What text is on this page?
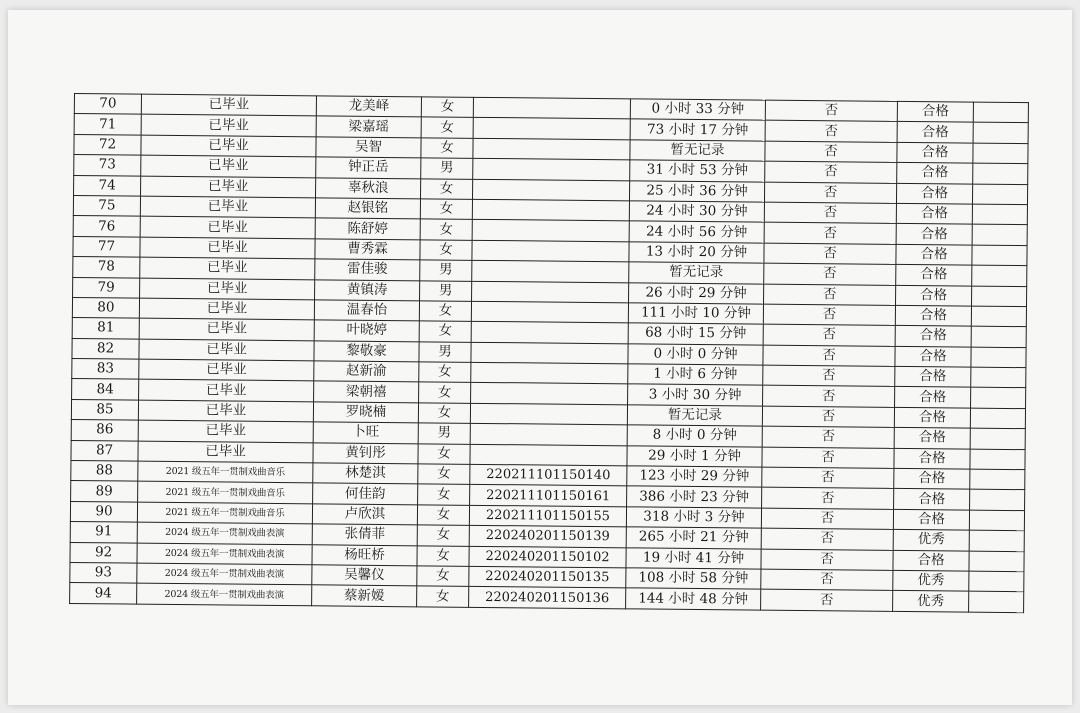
70	已毕业	龙美峄	女		0 小时 33 分钟	否	合格	
71	已毕业	梁嘉瑶	女		73 小时 17 分钟	否	合格	
72	已毕业	吴智	女		暂无记录	否	合格	
73	已毕业	钟正岳	男		31 小时 53 分钟	否	合格	
74	已毕业	辜秋浪	女		25 小时 36 分钟	否	合格	
75	已毕业	赵银铭	女		24 小时 30 分钟	否	合格	
76	已毕业	陈舒婷	女		24 小时 56 分钟	否	合格	
77	已毕业	曹秀霖	女		13 小时 20 分钟	否	合格	
78	已毕业	雷佳骏	男		暂无记录	否	合格	
79	已毕业	黄镇涛	男		26 小时 29 分钟	否	合格	
80	已毕业	温春怡	女		111 小时 10 分钟	否	合格	
81	已毕业	叶晓婷	女		68 小时 15 分钟	否	合格	
82	已毕业	黎敬豪	男		0 小时 0 分钟	否	合格	
83	已毕业	赵新渝	女		1 小时 6 分钟	否	合格	
84	已毕业	梁朝禧	女		3 小时 30 分钟	否	合格	
85	已毕业	罗晓楠	女		暂无记录	否	合格	
86	已毕业	卜旺	男		8 小时 0 分钟	否	合格	
87	已毕业	黄钊彤	女		29 小时 1 分钟	否	合格	
88	2021 级五年一贯制戏曲音乐	林楚淇	女	220211101150140	123 小时 29 分钟	否	合格	
89	2021 级五年一贯制戏曲音乐	何佳韵	女	220211101150161	386 小时 23 分钟	否	合格	
90	2021 级五年一贯制戏曲音乐	卢欣淇	女	220211101150155	318 小时 3 分钟	否	合格	
91	2024 级五年一贯制戏曲表演	张倩菲	女	220240201150139	265 小时 21 分钟	否	优秀	
92	2024 级五年一贯制戏曲表演	杨旺桥	女	220240201150102	19 小时 41 分钟	否	合格	
93	2024 级五年一贯制戏曲表演	吴馨仪	女	220240201150135	108 小时 58 分钟	否	优秀	
94	2024 级五年一贯制戏曲表演	蔡新嫒	女	220240201150136	144 小时 48 分钟	否	优秀	
